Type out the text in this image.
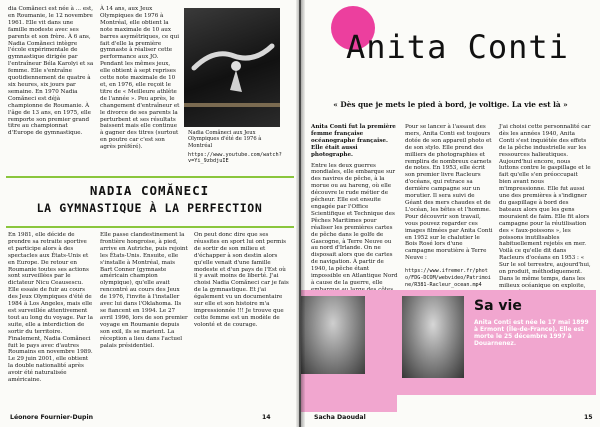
dia Comăneci est née à ... est, en Roumanie, le 12 novembre 1961. Elle vit dans une famille modeste avec ses parents et son frère. À 6 ans, Nadia Comăneci intègre l'école expérimentale de gymnastique dirigée par l'entraîneur Béla Karolyi et sa femme. Elle s'entraîne quotidiennement de quatre à six heures, six jours par semaine. En 1970 Nadia Comăneci est déjà championne de Roumanie. À l'âge de 13 ans, en 1975, elle remporte son premier grand titre au championnat d'Europe de gymnastique.

À 14 ans, aux Jeux Olympiques de 1976 à Montréal, elle obtient la note maximale de 10 aux barres asymétriques, ce qui fait d'elle la première gymnaste à réaliser cette performance aux JO. Pendant les mêmes jeux, elle obtient à sept reprises cette note maximale de 10 et, en 1976, elle reçoit le titre de « Meilleure athlète de l'année ». Peu après, le changement d'entraîneur et le divorce de ses parents la perturbent et ses résultats baissent mais elle continue à gagner des titres (surtout en poutre car c'est son agrès préféré).

Nadia Comăneci aux Jeux Olympiques d'été de 1976 à Montréal
https://www.youtube.com/watch?v=Yi_9zbdjuIE
NADIA COMĂNECI
LA GYMNASTIQUE À LA PERFECTION

En 1981, elle décide de prendre sa retraite sportive et participe alors à des spectacles aux États-Unis et en Europe. De retour en Roumanie toutes ses actions sont surveillées par le dictateur Nicu Ceausescu. Elle essaie de fuir au cours des Jeux Olympiques d'été de 1984 à Los Angeles, mais elle est surveillée attentivement tout au long du voyage. Par la suite, elle a interdiction de sortir du territoire. Finalement, Nadia Comăneci fuit le pays avec d'autres Roumains en novembre 1989. Le 29 juin 2001, elle obtient la double nationalité après avoir été naturalisée américaine.

Elle passe clandestinement la frontière hongroise, à pied, arrive en Autriche, puis rejoint les États-Unis. Ensuite, elle s'installe à Montréal, mais Bart Conner (gymnaste américain champion olympique), qu'elle avait rencontré au cours des Jeux de 1976, l'invite à l'installer avec lui dans l'Oklahoma. Ils se fiancent en 1994. Le 27 avril 1996, lors de son premier voyage en Roumanie depuis son exil, ils se marient. La réception a lieu dans l'actuel palais présidentiel.

On peut donc dire que ses réussites en sport lui ont permis de sortir de son milieu et d'échapper à son destin alors qu'elle venait d'une famille modeste et d'un pays de l'Est où il y avait moins de liberté. J'ai choisi Nadia Comăneci car je fais de la gymnastique. Et j'ai également vu un documentaire sur elle et son histoire m'a impressionnée !!! Je trouve que cette femme est un modèle de volonté et de courage.

Léonore Fournier-Dupin	14
Anita Conti
« Dès que je mets le pied à bord, je voltige. La vie est là »

Anita Conti fut la première femme française océanographe française. Elle était aussi photographe.

Entre les deux guerres mondiales, elle embarque sur des navires de pêche, à la morue ou au hareng, où elle découvre le rude métier de pêcheur. Elle est ensuite engagée par l'Office Scientifique et Technique des Pêches Maritimes pour réaliser les premières cartes de pêche dans le golfe de Gascogne, à Terre Neuve ou au nord d'Irlande. On ne disposait alors que de cartes de navigation. À partir de 1940, la pêche étant impossible en Atlantique Nord à cause de la guerre, elle

Pour se lancer à l'assaut des mers, Anita Conti est toujours dotée de son appareil photo et de son stylo. Elle prend des milliers de photographies et remplira de nombreux carnets de notes. En 1953, elle écrit son premier livre Racleurs d'océans, qui retrace sa dernière campagne sur un morutier. Il sera suivi de Géant des mers chaudes et de L'océan, les bêtes et l'homme. Pour découvrir son travail, vous pouvez regarder ces images filmées par Anita Conti en 1952 sur le chalutier le Bois Rosé lors d'une campagne morutière à Terre Neuve :

https://www.ifremer.fr/photo/FDG-DCOM/webvideo/Patrimoine/R381-Racleur_ocean.mp4

J'ai choisi cette personnalité car dès les années 1940, Anita Conti s'est inquiétée des effets de la pêche industrielle sur les ressources halieutiques. Aujourd'hui encore, nous luttons contre le gaspillage et le fait qu'elle s'en préoccupait bien avant nous m'impressionne. Elle fut aussi une des premières à s'indigner du gaspillage à bord des bateaux alors que les gens mouraient de faim. Elle fit alors campagne pour la réutilisation des « faux-poissons », les poissons inutilisables habituellement rejetés en mer. Voilà ce qu'elle dit dans Racleurs d'océans en 1953 : « Sur le sol terrestre, aujourd'hui, on produit, méthodiquement. Dans le même temps, dans les milieux océanique on exploite,

Sa vie
Anita Conti est née le 17 mai 1899 à Ermont (Île-de-France). Elle est morte le 25 décembre 1997 à Douarnenez.
Sacha Daoudal	15
